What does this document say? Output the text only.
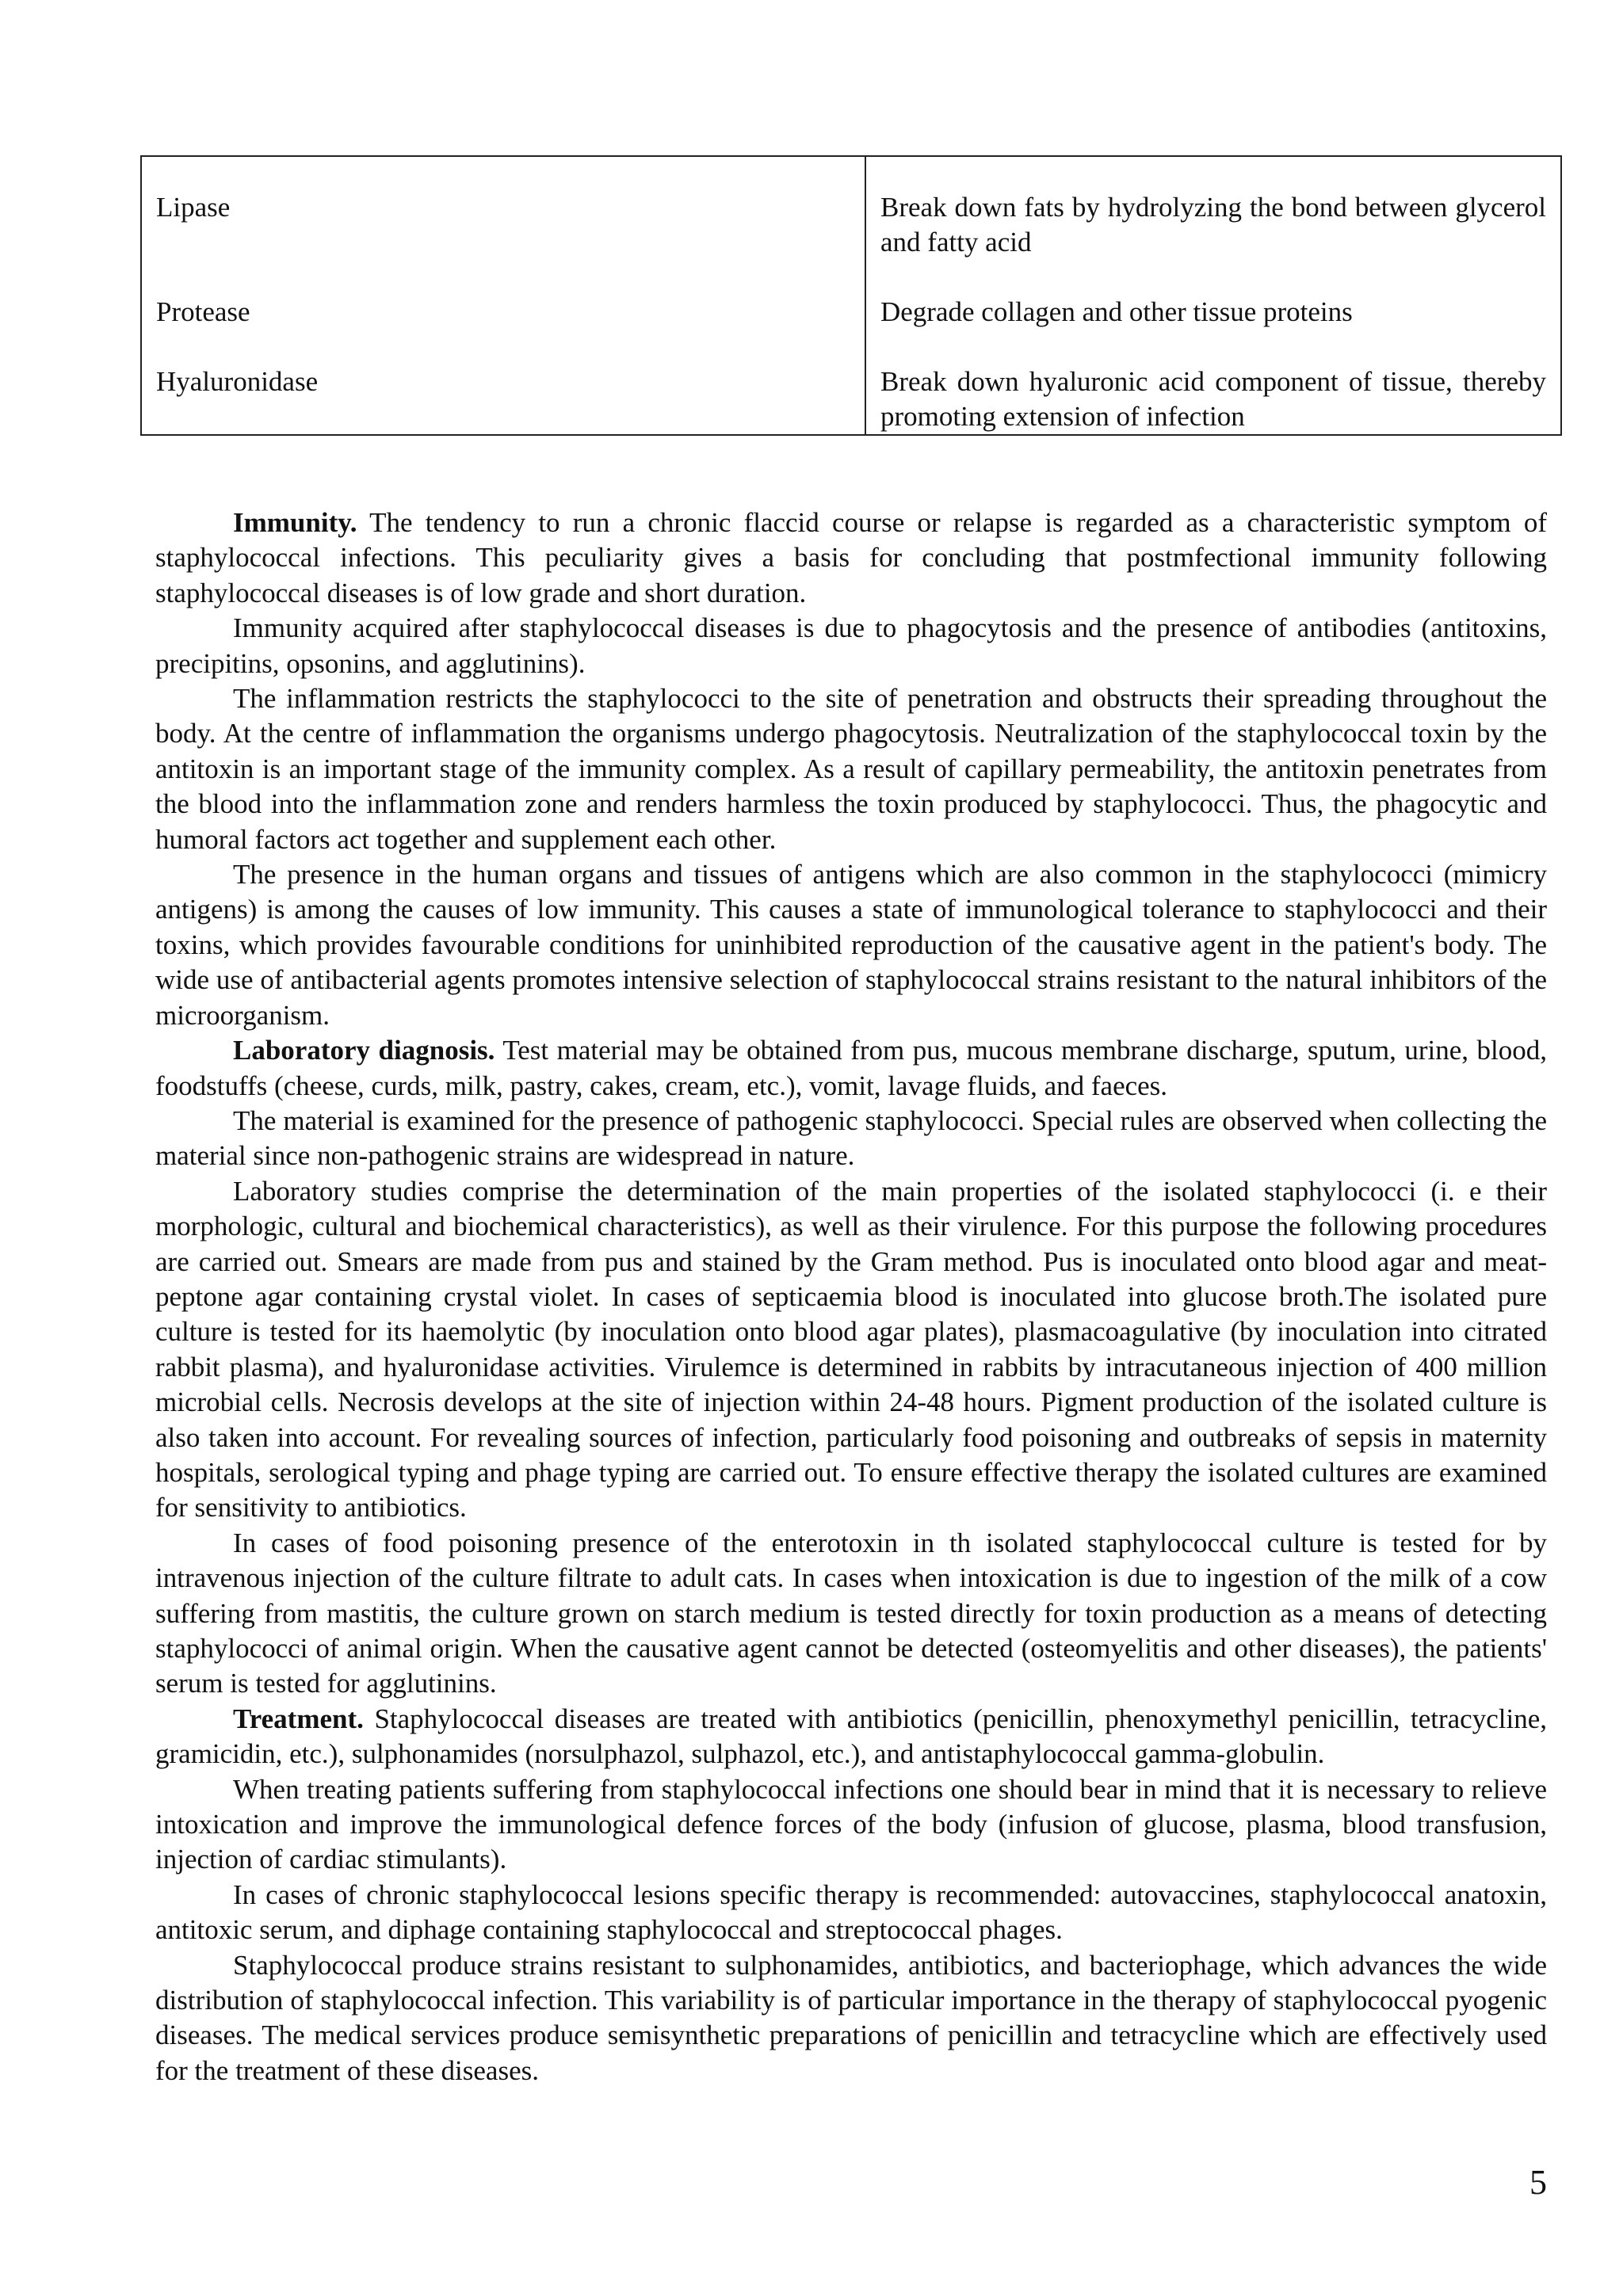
Lipase	Break down fats by hydrolyzing the bond between glycerol and fatty acid
Protease	Degrade collagen and other tissue proteins
Hyaluronidase	Break down hyaluronic acid component of tissue, thereby promoting extension of infection

Immunity. The tendency to run a chronic flaccid course or relapse is regarded as a characteristic symptom of staphylococcal infections. This peculiarity gives a basis for concluding that postmfectional immunity following staphylococcal diseases is of low grade and short duration.

Immunity acquired after staphylococcal diseases is due to phagocytosis and the presence of antibodies (antitoxins, precipitins, opsonins, and agglutinins).

The inflammation restricts the staphylococci to the site of penetration and obstructs their spreading throughout the body. At the centre of inflammation the organisms undergo phagocytosis. Neutralization of the staphylococcal toxin by the antitoxin is an important stage of the immunity complex. As a result of capillary permeability, the antitoxin penetrates from the blood into the inflammation zone and renders harmless the toxin produced by staphylococci. Thus, the phagocytic and humoral factors act together and supplement each other.

The presence in the human organs and tissues of antigens which are also common in the staphylococci (mimicry antigens) is among the causes of low immunity. This causes a state of immunological tolerance to staphylococci and their toxins, which provides favourable conditions for uninhibited reproduction of the causative agent in the patient's body. The wide use of antibacterial agents promotes intensive selection of staphylococcal strains resistant to the natural inhibitors of the microorganism.

Laboratory diagnosis. Test material may be obtained from pus, mucous membrane discharge, sputum, urine, blood, foodstuffs (cheese, curds, milk, pastry, cakes, cream, etc.), vomit, lavage fluids, and faeces.

The material is examined for the presence of pathogenic staphylococci. Special rules are observed when collecting the material since non-pathogenic strains are widespread in nature.

Laboratory studies comprise the determination of the main properties of the isolated staphylococci (i. e their morphologic, cultural and biochemical characteristics), as well as their virulence. For this purpose the following procedures are carried out. Smears are made from pus and stained by the Gram method. Pus is inoculated onto blood agar and meat-peptone agar containing crystal violet. In cases of septicaemia blood is inoculated into glucose broth.The isolated pure culture is tested for its haemolytic (by inoculation onto blood agar plates), plasmacoagulative (by inoculation into citrated rabbit plasma), and hyaluronidase activities. Virulemce is determined in rabbits by intracutaneous injection of 400 million microbial cells. Necrosis develops at the site of injection within 24-48 hours. Pigment production of the isolated culture is also taken into account. For revealing sources of infection, particularly food poisoning and outbreaks of sepsis in maternity hospitals, serological typing and phage typing are carried out. To ensure effective therapy the isolated cultures are examined for sensitivity to antibiotics.

In cases of food poisoning presence of the enterotoxin in th isolated staphylococcal culture is tested for by intravenous injection of the culture filtrate to adult cats. In cases when intoxication is due to ingestion of the milk of a cow suffering from mastitis, the culture grown on starch medium is tested directly for toxin production as a means of detecting staphylococci of animal origin. When the causative agent cannot be detected (osteomyelitis and other diseases), the patients' serum is tested for agglutinins.

Treatment. Staphylococcal diseases are treated with antibiotics (penicillin, phenoxymethyl penicillin, tetracycline, gramicidin, etc.), sulphonamides (norsulphazol, sulphazol, etc.), and antistaphylococcal gamma-globulin.

When treating patients suffering from staphylococcal infections one should bear in mind that it is necessary to relieve intoxication and improve the immunological defence forces of the body (infusion of glucose, plasma, blood transfusion, injection of cardiac stimulants).

In cases of chronic staphylococcal lesions specific therapy is recommended: autovaccines, staphylococcal anatoxin, antitoxic serum, and diphage containing staphylococcal and streptococcal phages.

Staphylococcal produce strains resistant to sulphonamides, antibiotics, and bacteriophage, which advances the wide distribution of staphylococcal infection. This variability is of particular importance in the therapy of staphylococcal pyogenic diseases. The medical services produce semisynthetic preparations of penicillin and tetracycline which are effectively used for the treatment of these diseases.

5
